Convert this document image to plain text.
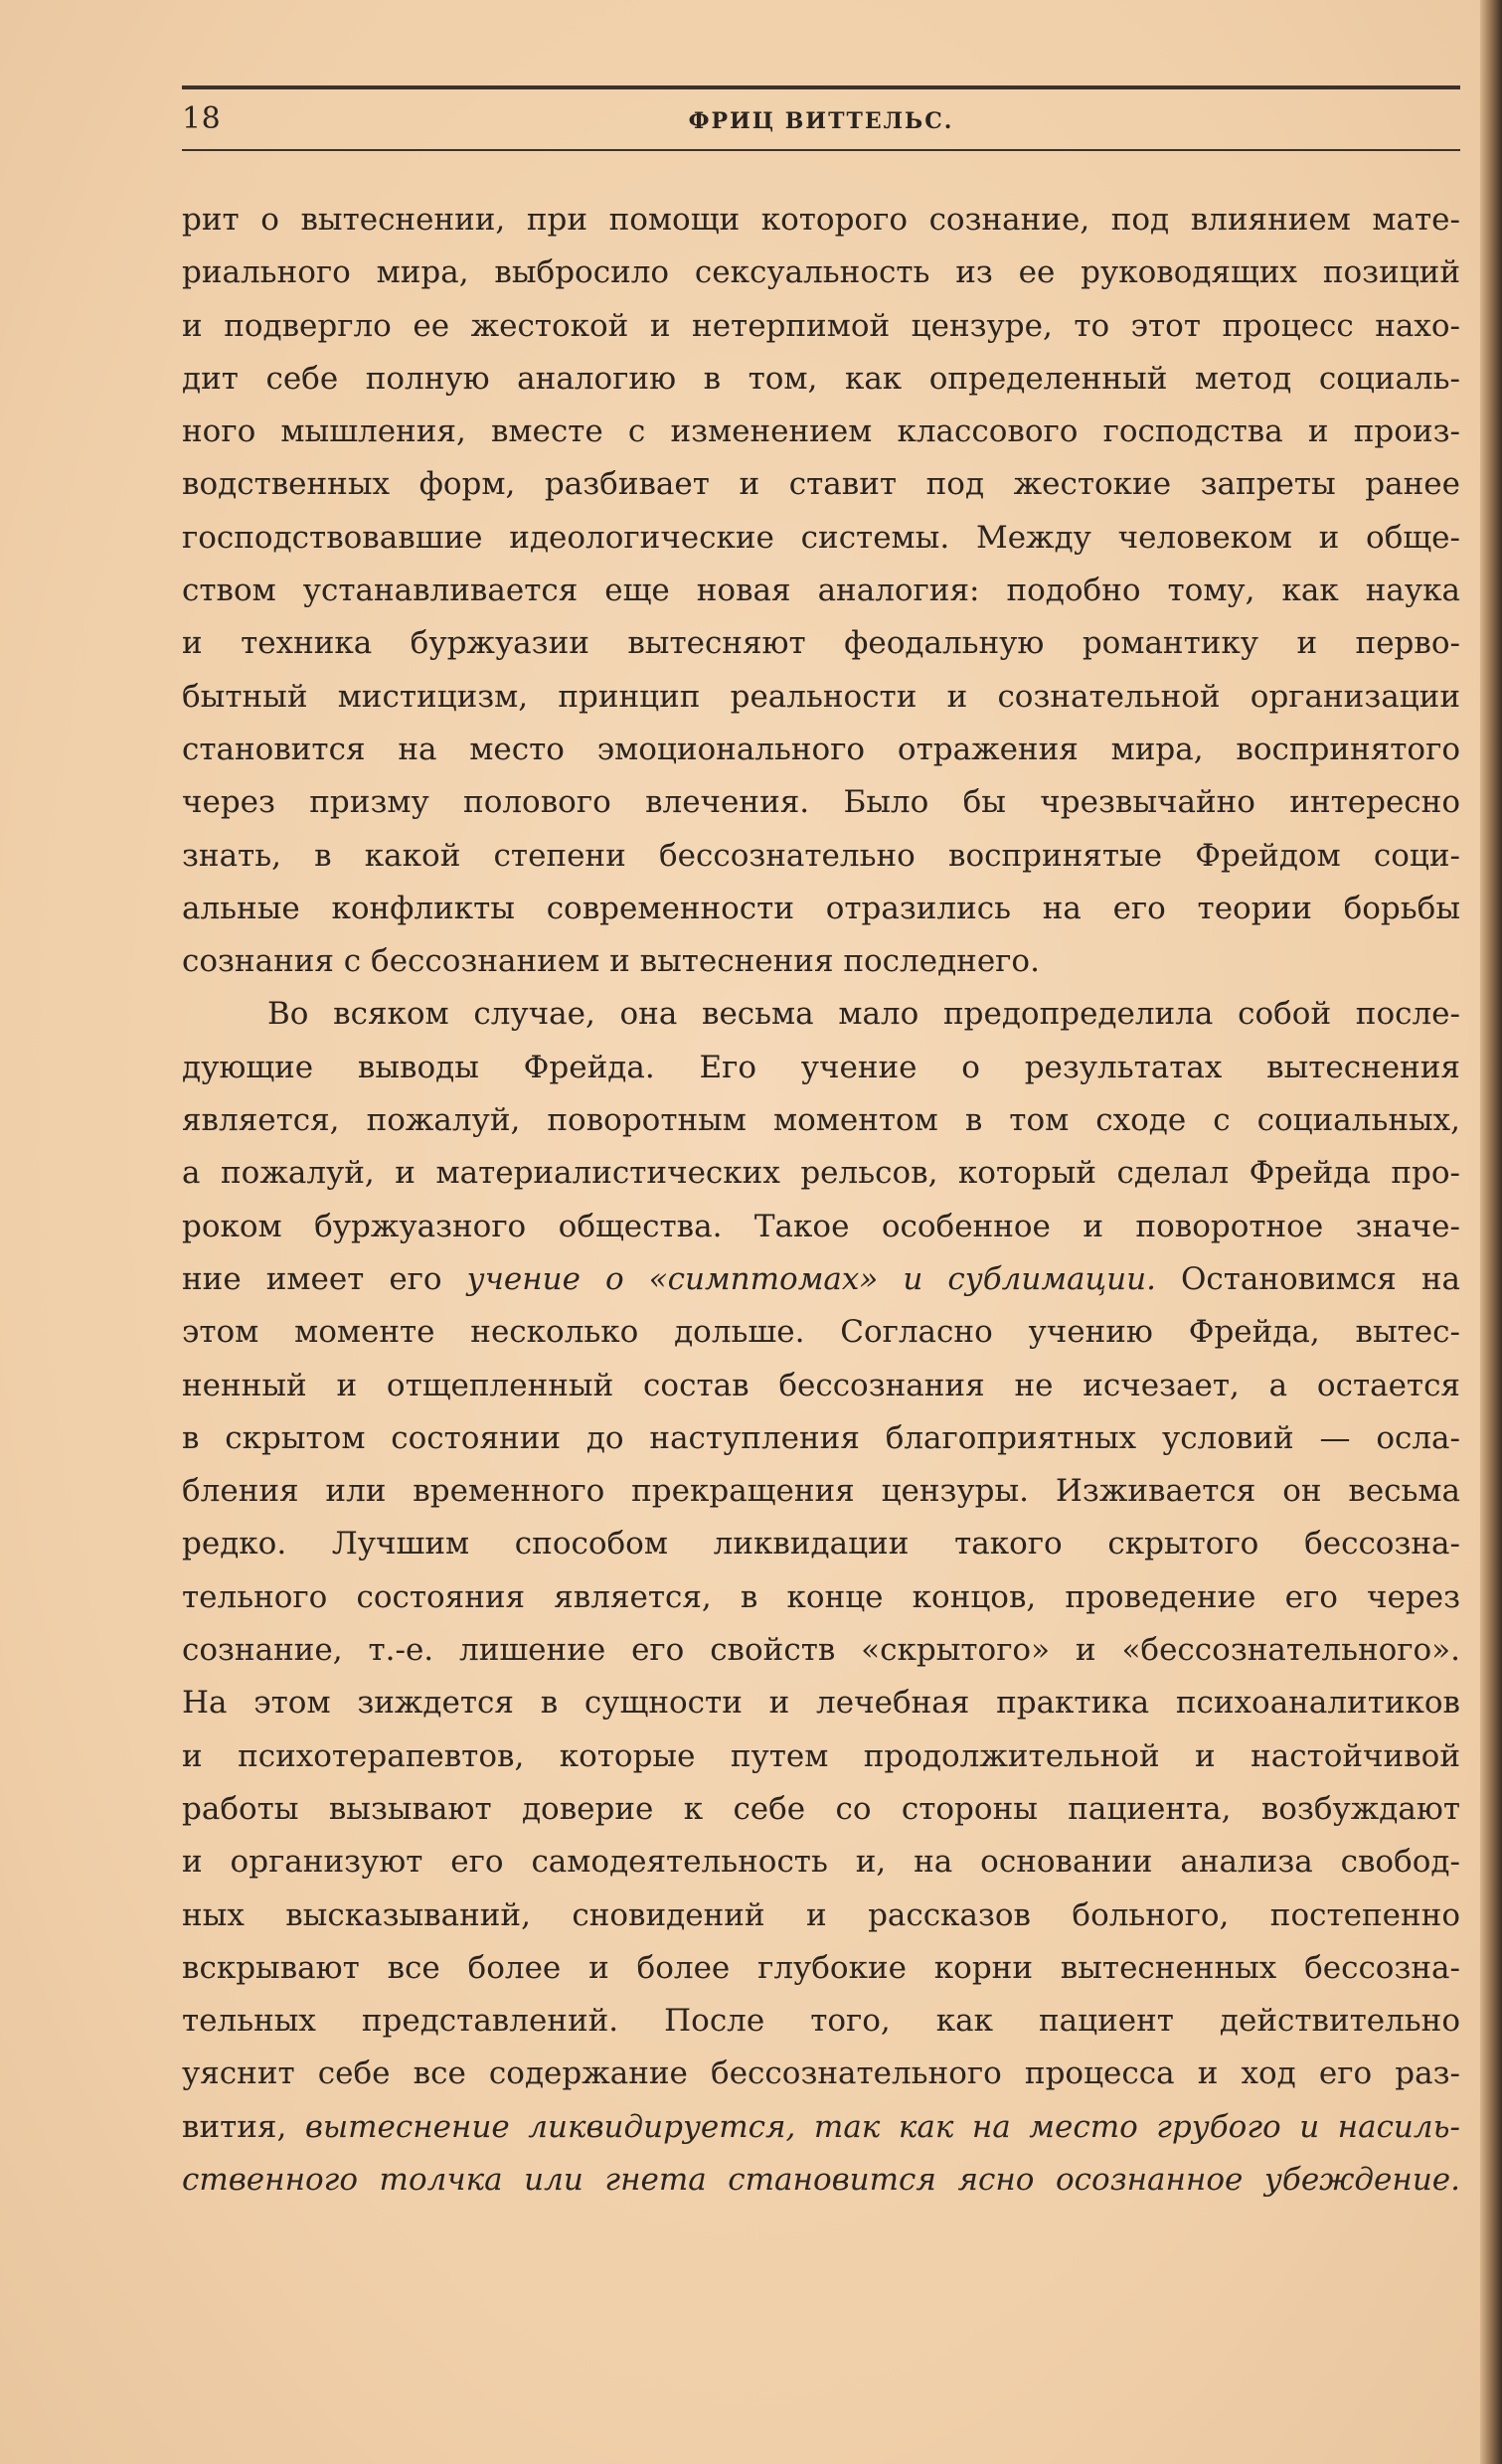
18	ФРИЦ ВИТТЕЛЬС.
рит о вытеснении, при помощи которого сознание, под влиянием мате-
риального мира, выбросило сексуальность из ее руководящих позиций
и подвергло ее жестокой и нетерпимой цензуре, то этот процесс нахо-
дит себе полную аналогию в том, как определенный метод социаль-
ного мышления, вместе с изменением классового господства и произ-
водственных форм, разбивает и ставит под жестокие запреты ранее
господствовавшие идеологические системы. Между человеком и обще-
ством устанавливается еще новая аналогия: подобно тому, как наука
и техника буржуазии вытесняют феодальную романтику и перво-
бытный мистицизм, принцип реальности и сознательной организации
становится на место эмоционального отражения мира, воспринятого
через призму полового влечения. Было бы чрезвычайно интересно
знать, в какой степени бессознательно воспринятые Фрейдом соци-
альные конфликты современности отразились на его теории борьбы
сознания с бессознанием и вытеснения последнего.
Во всяком случае, она весьма мало предопределила собой после-
дующие выводы Фрейда. Его учение о результатах вытеснения
является, пожалуй, поворотным моментом в том сходе с социальных,
а пожалуй, и материалистических рельсов, который сделал Фрейда про-
роком буржуазного общества. Такое особенное и поворотное значе-
ние имеет его учение о «симптомах» и сублимации. Остановимся на
этом моменте несколько дольше. Согласно учению Фрейда, вытес-
ненный и отщепленный состав бессознания не исчезает, а остается
в скрытом состоянии до наступления благоприятных условий — осла-
бления или временного прекращения цензуры. Изживается он весьма
редко. Лучшим способом ликвидации такого скрытого бессозна-
тельного состояния является, в конце концов, проведение его через
сознание, т.-е. лишение его свойств «скрытого» и «бессознательного».
На этом зиждется в сущности и лечебная практика психоаналитиков
и психотерапевтов, которые путем продолжительной и настойчивой
работы вызывают доверие к себе со стороны пациента, возбуждают
и организуют его самодеятельность и, на основании анализа свобод-
ных высказываний, сновидений и рассказов больного, постепенно
вскрывают все более и более глубокие корни вытесненных бессозна-
тельных представлений. После того, как пациент действительно
уяснит себе все содержание бессознательного процесса и ход его раз-
вития, вытеснение ликвидируется, так как на место грубого и насиль-
ственного толчка или гнета становится ясно осознанное убеждение.
